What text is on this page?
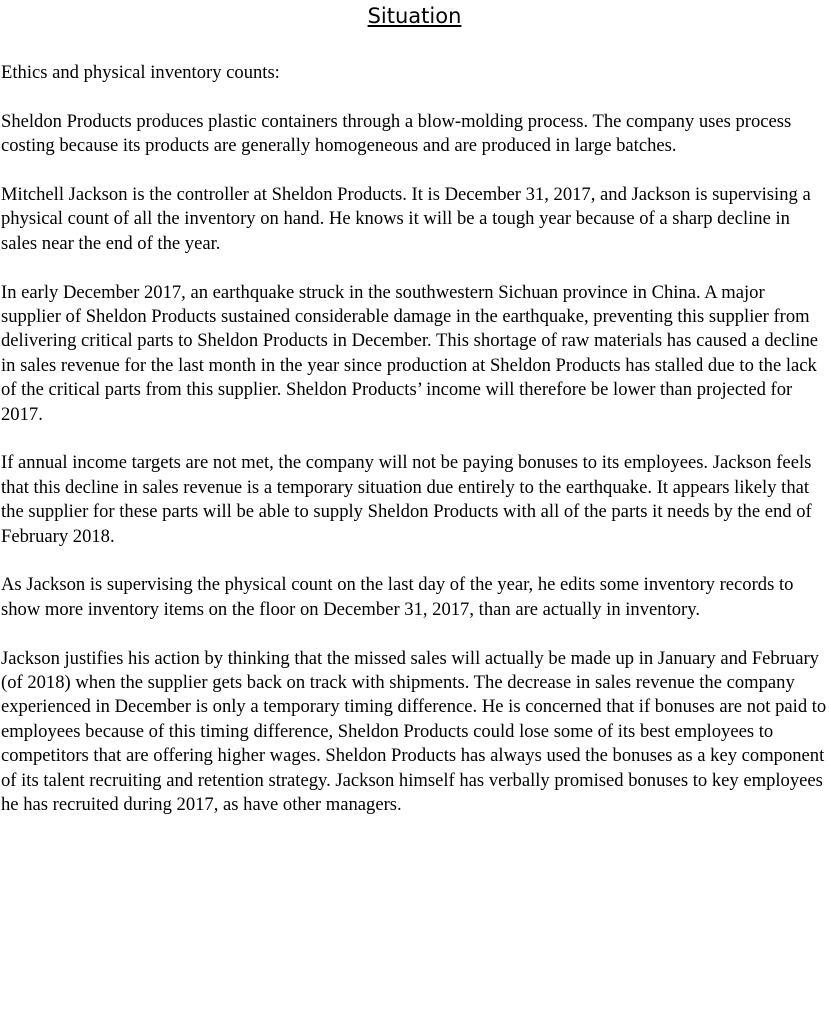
Situation

Ethics and physical inventory counts:

Sheldon Products produces plastic containers through a blow-molding process. The company uses process costing because its products are generally homogeneous and are produced in large batches.

Mitchell Jackson is the controller at Sheldon Products. It is December 31, 2017, and Jackson is supervising a physical count of all the inventory on hand. He knows it will be a tough year because of a sharp decline in sales near the end of the year.

In early December 2017, an earthquake struck in the southwestern Sichuan province in China. A major supplier of Sheldon Products sustained considerable damage in the earthquake, preventing this supplier from delivering critical parts to Sheldon Products in December. This shortage of raw materials has caused a decline in sales revenue for the last month in the year since production at Sheldon Products has stalled due to the lack of the critical parts from this supplier. Sheldon Products’ income will therefore be lower than projected for 2017.

If annual income targets are not met, the company will not be paying bonuses to its employees. Jackson feels that this decline in sales revenue is a temporary situation due entirely to the earthquake. It appears likely that the supplier for these parts will be able to supply Sheldon Products with all of the parts it needs by the end of February 2018.

As Jackson is supervising the physical count on the last day of the year, he edits some inventory records to show more inventory items on the floor on December 31, 2017, than are actually in inventory.

Jackson justifies his action by thinking that the missed sales will actually be made up in January and February (of 2018) when the supplier gets back on track with shipments. The decrease in sales revenue the company experienced in December is only a temporary timing difference. He is concerned that if bonuses are not paid to employees because of this timing difference, Sheldon Products could lose some of its best employees to competitors that are offering higher wages. Sheldon Products has always used the bonuses as a key component of its talent recruiting and retention strategy. Jackson himself has verbally promised bonuses to key employees he has recruited during 2017, as have other managers.
